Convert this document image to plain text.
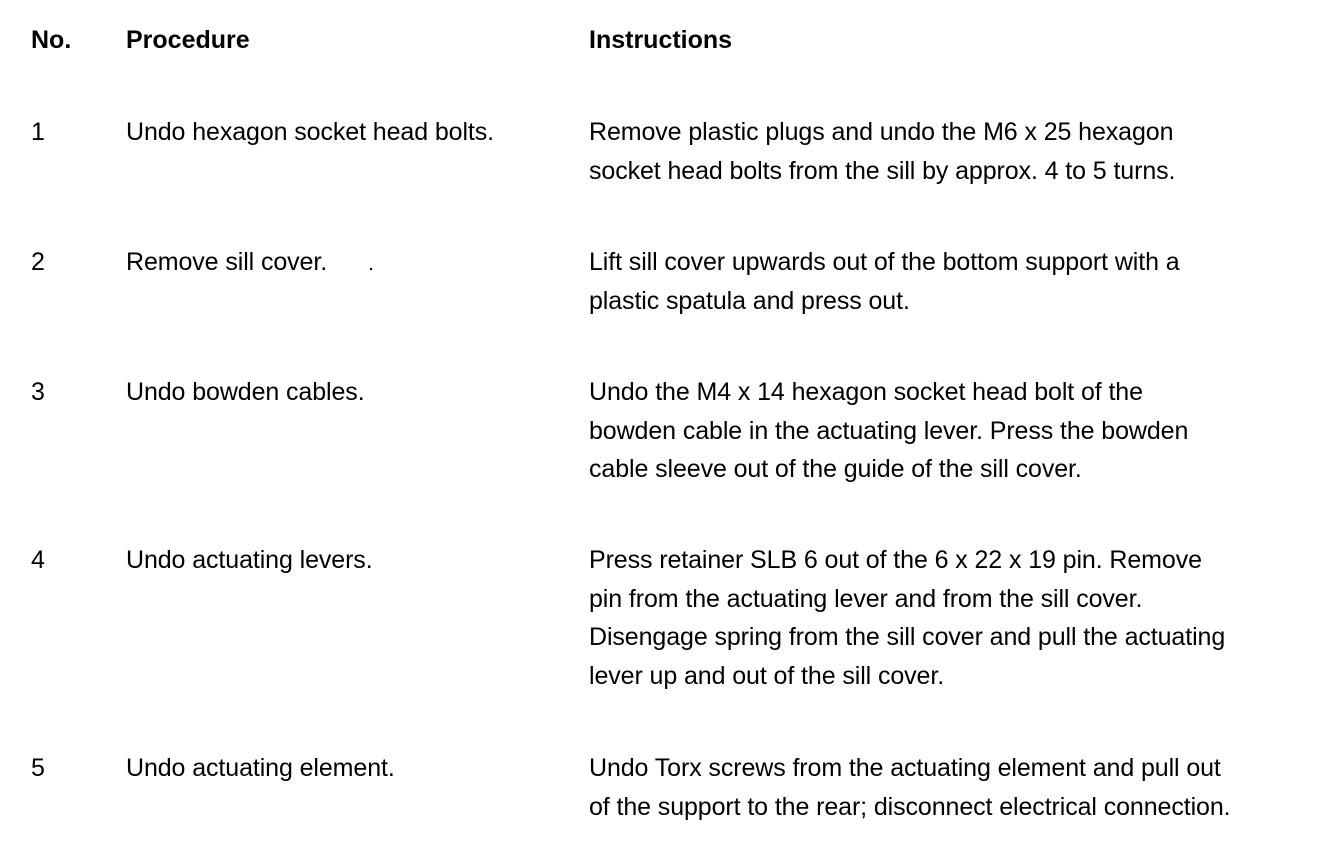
No. Procedure	Instructions
1	Undo hexagon socket head bolts.	Remove plastic plugs and undo the M6 x 25 hexagon
socket head bolts from the sill by approx. 4 to 5 turns.
2	Remove sill cover.	Lift sill cover upwards out of the bottom support with a
plastic spatula and press out.
3	Undo bowden cables.	Undo the M4 x 14 hexagon socket head bolt of the
bowden cable in the actuating lever. Press the bowden
cable sleeve out of the guide of the sill cover.
4	Undo actuating levers.	Press retainer SLB 6 out of the 6 x 22 x 19 pin. Remove
pin from the actuating lever and from the sill cover.
Disengage spring from the sill cover and pull the actuating
lever up and out of the sill cover.
5	Undo actuating element.	Undo Torx screws from the actuating element and pull out
of the support to the rear; disconnect electrical connection.
